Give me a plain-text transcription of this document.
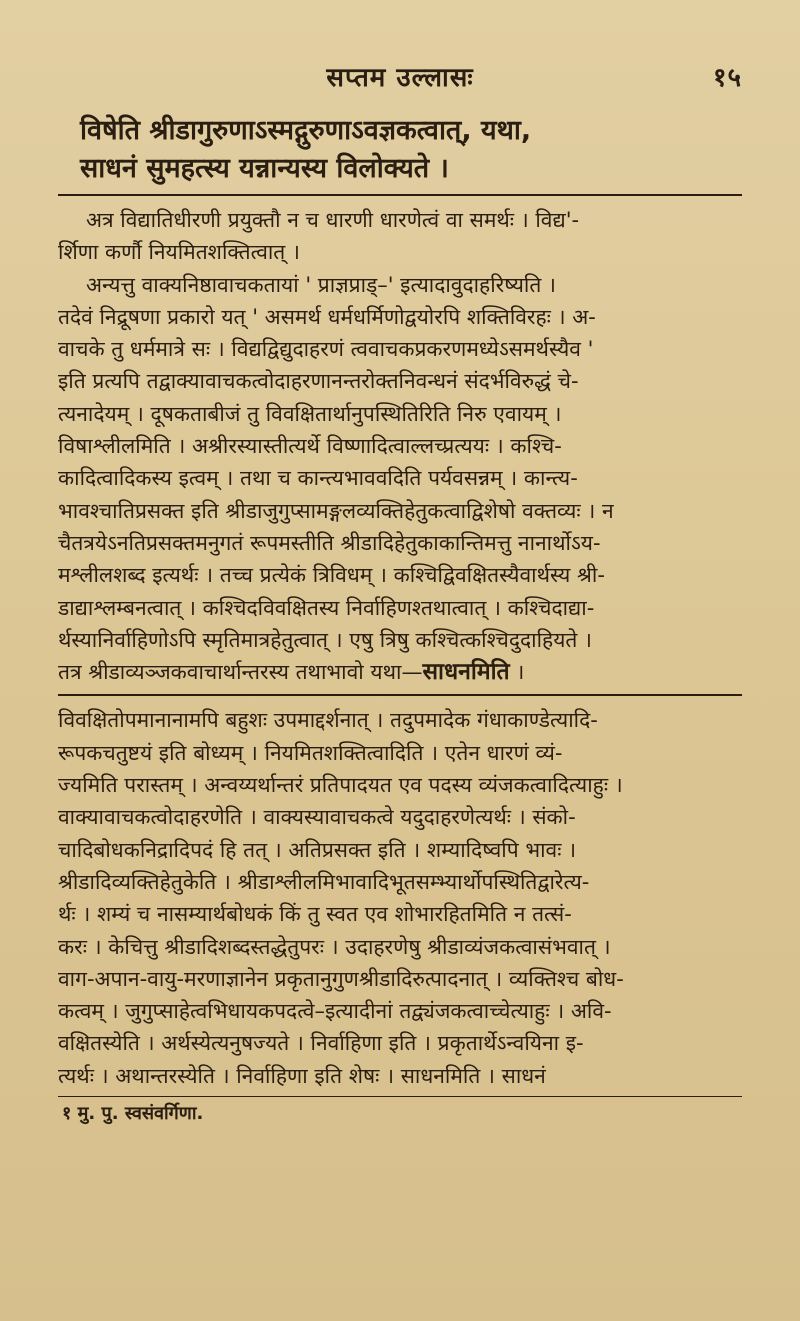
सप्तम उल्लासः	१५

विषेति श्रीडागुरुणाऽस्मद्गुरुणाऽवज्ञकत्वात्, यथा,

साधनं सुमहत्स्य यन्नान्यस्य विलोक्यते ।

अत्र विद्यातिधीरणी प्रयुक्तौ न च धारणी धारणेत्वं वा समर्थः । विद्य'-
र्शिणा कर्णौ नियमितशक्तित्वात् ।
अन्यत्तु वाक्यनिष्ठावाचकतायां ' प्राज्ञप्राड्–' इत्यादावुदाहरिष्यति ।
तदेवं निद्रूषणा प्रकारो यत् ' असमर्थ धर्मधर्मिणोद्वयोरपि शक्तिविरहः । अ-
वाचके तु धर्ममात्रे सः । विद्यद्विद्युदाहरणं त्ववाचकप्रकरणमध्येऽसमर्थस्यैव '
इति प्रत्यपि तद्वाक्यावाचकत्वोदाहरणानन्तरोक्तनिवन्धनं संदर्भविरुद्धं चे-
त्यनादेयम् । दूषकताबीजं तु विवक्षितार्थानुपस्थितिरिति निरु एवायम् ।
विषाश्लीलमिति । अश्रीरस्यास्तीत्यर्थे विष्णादित्वाल्लच्प्रत्ययः । कश्चि-
कादित्वादिकस्य इत्वम् । तथा च कान्त्यभाववदिति पर्यवसन्नम् । कान्त्य-
भावश्चातिप्रसक्त इति श्रीडाजुगुप्सामङ्गलव्यक्तिहेतुकत्वाद्विशेषो वक्तव्यः । न
चैतत्रयेऽनतिप्रसक्तमनुगतं रूपमस्तीति श्रीडादिहेतुकाकान्तिमत्तु नानार्थोऽय-
मश्लीलशब्द इत्यर्थः । तच्च प्रत्येकं त्रिविधम् । कश्चिद्विवक्षितस्यैवार्थस्य श्री-
डाद्याश्लम्बनत्वात् । कश्चिदविवक्षितस्य निर्वाहिणश्तथात्वात् । कश्चिदाद्या-
र्थस्यानिर्वाहिणोऽपि स्मृतिमात्रहेतुत्वात् । एषु त्रिषु कश्चित्कश्चिदुदाहियते ।
तत्र श्रीडाव्यञ्जकवाचार्थान्तरस्य तथाभावो यथा—साधनमिति ।
विवक्षितोपमानानामपि बहुशः उपमाद्दर्शनात् । तदुपमादेक गंधाकाण्डेत्यादि-
रूपकचतुष्टयं इति बोध्यम् । नियमितशक्तित्वादिति । एतेन धारणं व्यं-
ज्यमिति परास्तम् । अन्वय्यर्थान्तरं प्रतिपादयत एव पदस्य व्यंजकत्वादित्याहुः ।
वाक्यावाचकत्वोदाहरणेति । वाक्यस्यावाचकत्वे यदुदाहरणेत्यर्थः । संको-
चादिबोधकनिद्रादिपदं हि तत् । अतिप्रसक्त इति । शम्यादिष्वपि भावः ।
श्रीडादिव्यक्तिहेतुकेति । श्रीडाश्लीलमिभावादिभूतसम्भ्यार्थोपस्थितिद्वारेत्य-
र्थः । शम्यं च नासम्यार्थबोधकं किं तु स्वत एव शोभारहितमिति न तत्सं-
करः । केचित्तु श्रीडादिशब्दस्तद्धेतुपरः । उदाहरणेषु श्रीडाव्यंजकत्वासंभवात् ।
वाग-अपान-वायु-मरणाज्ञानेन प्रकृतानुगुणश्रीडादिरुत्पादनात् । व्यक्तिश्च बोध-
कत्वम् । जुगुप्साहेत्वभिधायकपदत्वे–इत्यादीनां तद्व्यंजकत्वाच्चेत्याहुः । अवि-
वक्षितस्येति । अर्थस्येत्यनुषज्यते । निर्वाहिणा इति । प्रकृतार्थेऽन्वयिना इ-
त्यर्थः । अथान्तरस्येति । निर्वाहिणा इति शेषः । साधनमिति । साधनं

१ मु. पु. स्वसंवर्गिणा.
